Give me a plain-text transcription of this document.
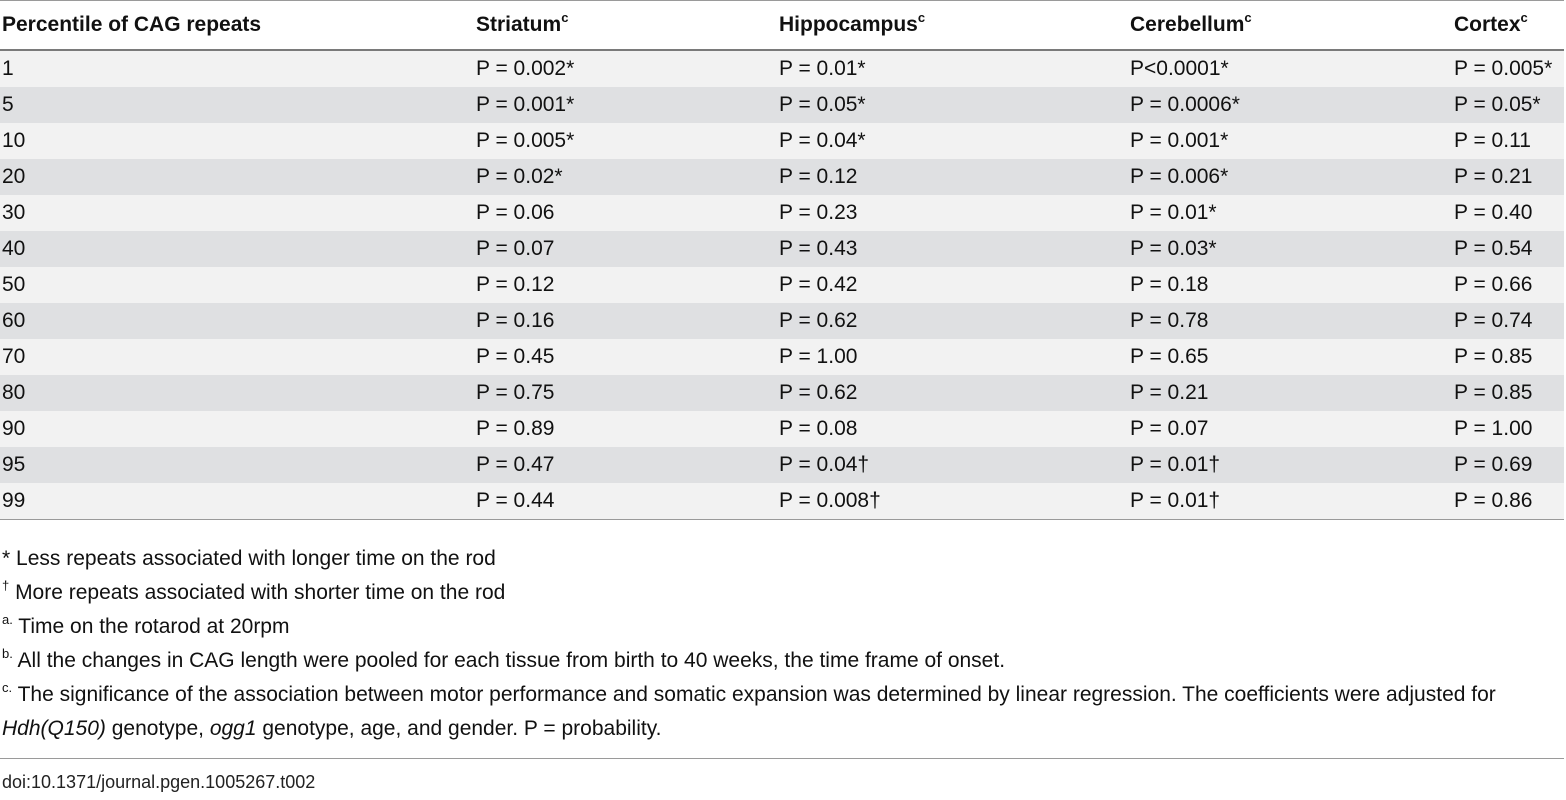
Percentile of CAG repeats	Striatum$^c$	Hippocampus$^c$	Cerebellum$^c$	Cortex$^c$
1	P = 0.002*	P = 0.01*	P<0.0001*	P = 0.005*
5	P = 0.001*	P = 0.05*	P = 0.0006*	P = 0.05*
10	P = 0.005*	P = 0.04*	P = 0.001*	P = 0.11
20	P = 0.02*	P = 0.12	P = 0.006*	P = 0.21
30	P = 0.06	P = 0.23	P = 0.01*	P = 0.40
40	P = 0.07	P = 0.43	P = 0.03*	P = 0.54
50	P = 0.12	P = 0.42	P = 0.18	P = 0.66
60	P = 0.16	P = 0.62	P = 0.78	P = 0.74
70	P = 0.45	P = 1.00	P = 0.65	P = 0.85
80	P = 0.75	P = 0.62	P = 0.21	P = 0.85
90	P = 0.89	P = 0.08	P = 0.07	P = 1.00
95	P = 0.47	P = 0.04†	P = 0.01†	P = 0.69
99	P = 0.44	P = 0.008†	P = 0.01†	P = 0.86

* Less repeats associated with longer time on the rod

† More repeats associated with shorter time on the rod

$^{a.}$ Time on the rotarod at 20rpm

$^{b.}$ All the changes in CAG length were pooled for each tissue from birth to 40 weeks, the time frame of onset.

$^{c.}$ The significance of the association between motor performance and somatic expansion was determined by linear regression. The coefficients were adjusted for Hdh(Q150) genotype, ogg1 genotype, age, and gender. P = probability.

doi:10.1371/journal.pgen.1005267.t002
